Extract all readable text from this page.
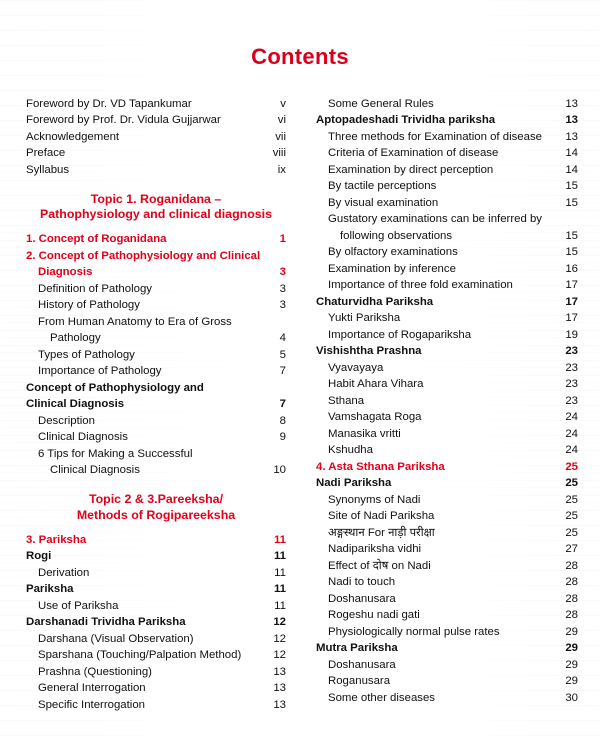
Contents
Foreword by Dr. VD Tapankumar	v
Foreword by Prof. Dr. Vidula Gujjarwar	vi
Acknowledgement	vii
Preface	viii
Syllabus	ix
Topic 1. Roganidana –
Pathophysiology and clinical diagnosis
1. Concept of Roganidana	1
2. Concept of Pathophysiology and Clinical
Diagnosis	3
Definition of Pathology	3
History of Pathology	3
From Human Anatomy to Era of Gross
Pathology	4
Types of Pathology	5
Importance of Pathology	7
Concept of Pathophysiology and
Clinical Diagnosis	7
Description	8
Clinical Diagnosis	9
6 Tips for Making a Successful
Clinical Diagnosis	10
Topic 2 & 3.Pareeksha/
Methods of Rogipareeksha
3. Pariksha	11
Rogi	11
Derivation	11
Pariksha	11
Use of Pariksha	11
Darshanadi Trividha Pariksha	12
Darshana (Visual Observation)	12
Sparshana (Touching/Palpation Method)	12
Prashna (Questioning)	13
General Interrogation	13
Specific Interrogation	13
Some General Rules	13
Aptopadeshadi Trividha pariksha	13
Three methods for Examination of disease	13
Criteria of Examination of disease	14
Examination by direct perception	14
By tactile perceptions	15
By visual examination	15
Gustatory examinations can be inferred by
following observations	15
By olfactory examinations	15
Examination by inference	16
Importance of three fold examination	17
Chaturvidha Pariksha	17
Yukti Pariksha	17
Importance of Rogapariksha	19
Vishishtha Prashna	23
Vyavayaya	23
Habit Ahara Vihara	23
Sthana	23
Vamshagata Roga	24
Manasika vritti	24
Kshudha	24
4. Asta Sthana Pariksha	25
Nadi Pariksha	25
Synonyms of Nadi	25
Site of Nadi Pariksha	25
अङ्गस्थान For नाड़ी परीक्षा	25
Nadipariksha vidhi	27
Effect of दोष on Nadi	28
Nadi to touch	28
Doshanusara	28
Rogeshu nadi gati	28
Physiologically normal pulse rates	29
Mutra Pariksha	29
Doshanusara	29
Roganusara	29
Some other diseases	30
